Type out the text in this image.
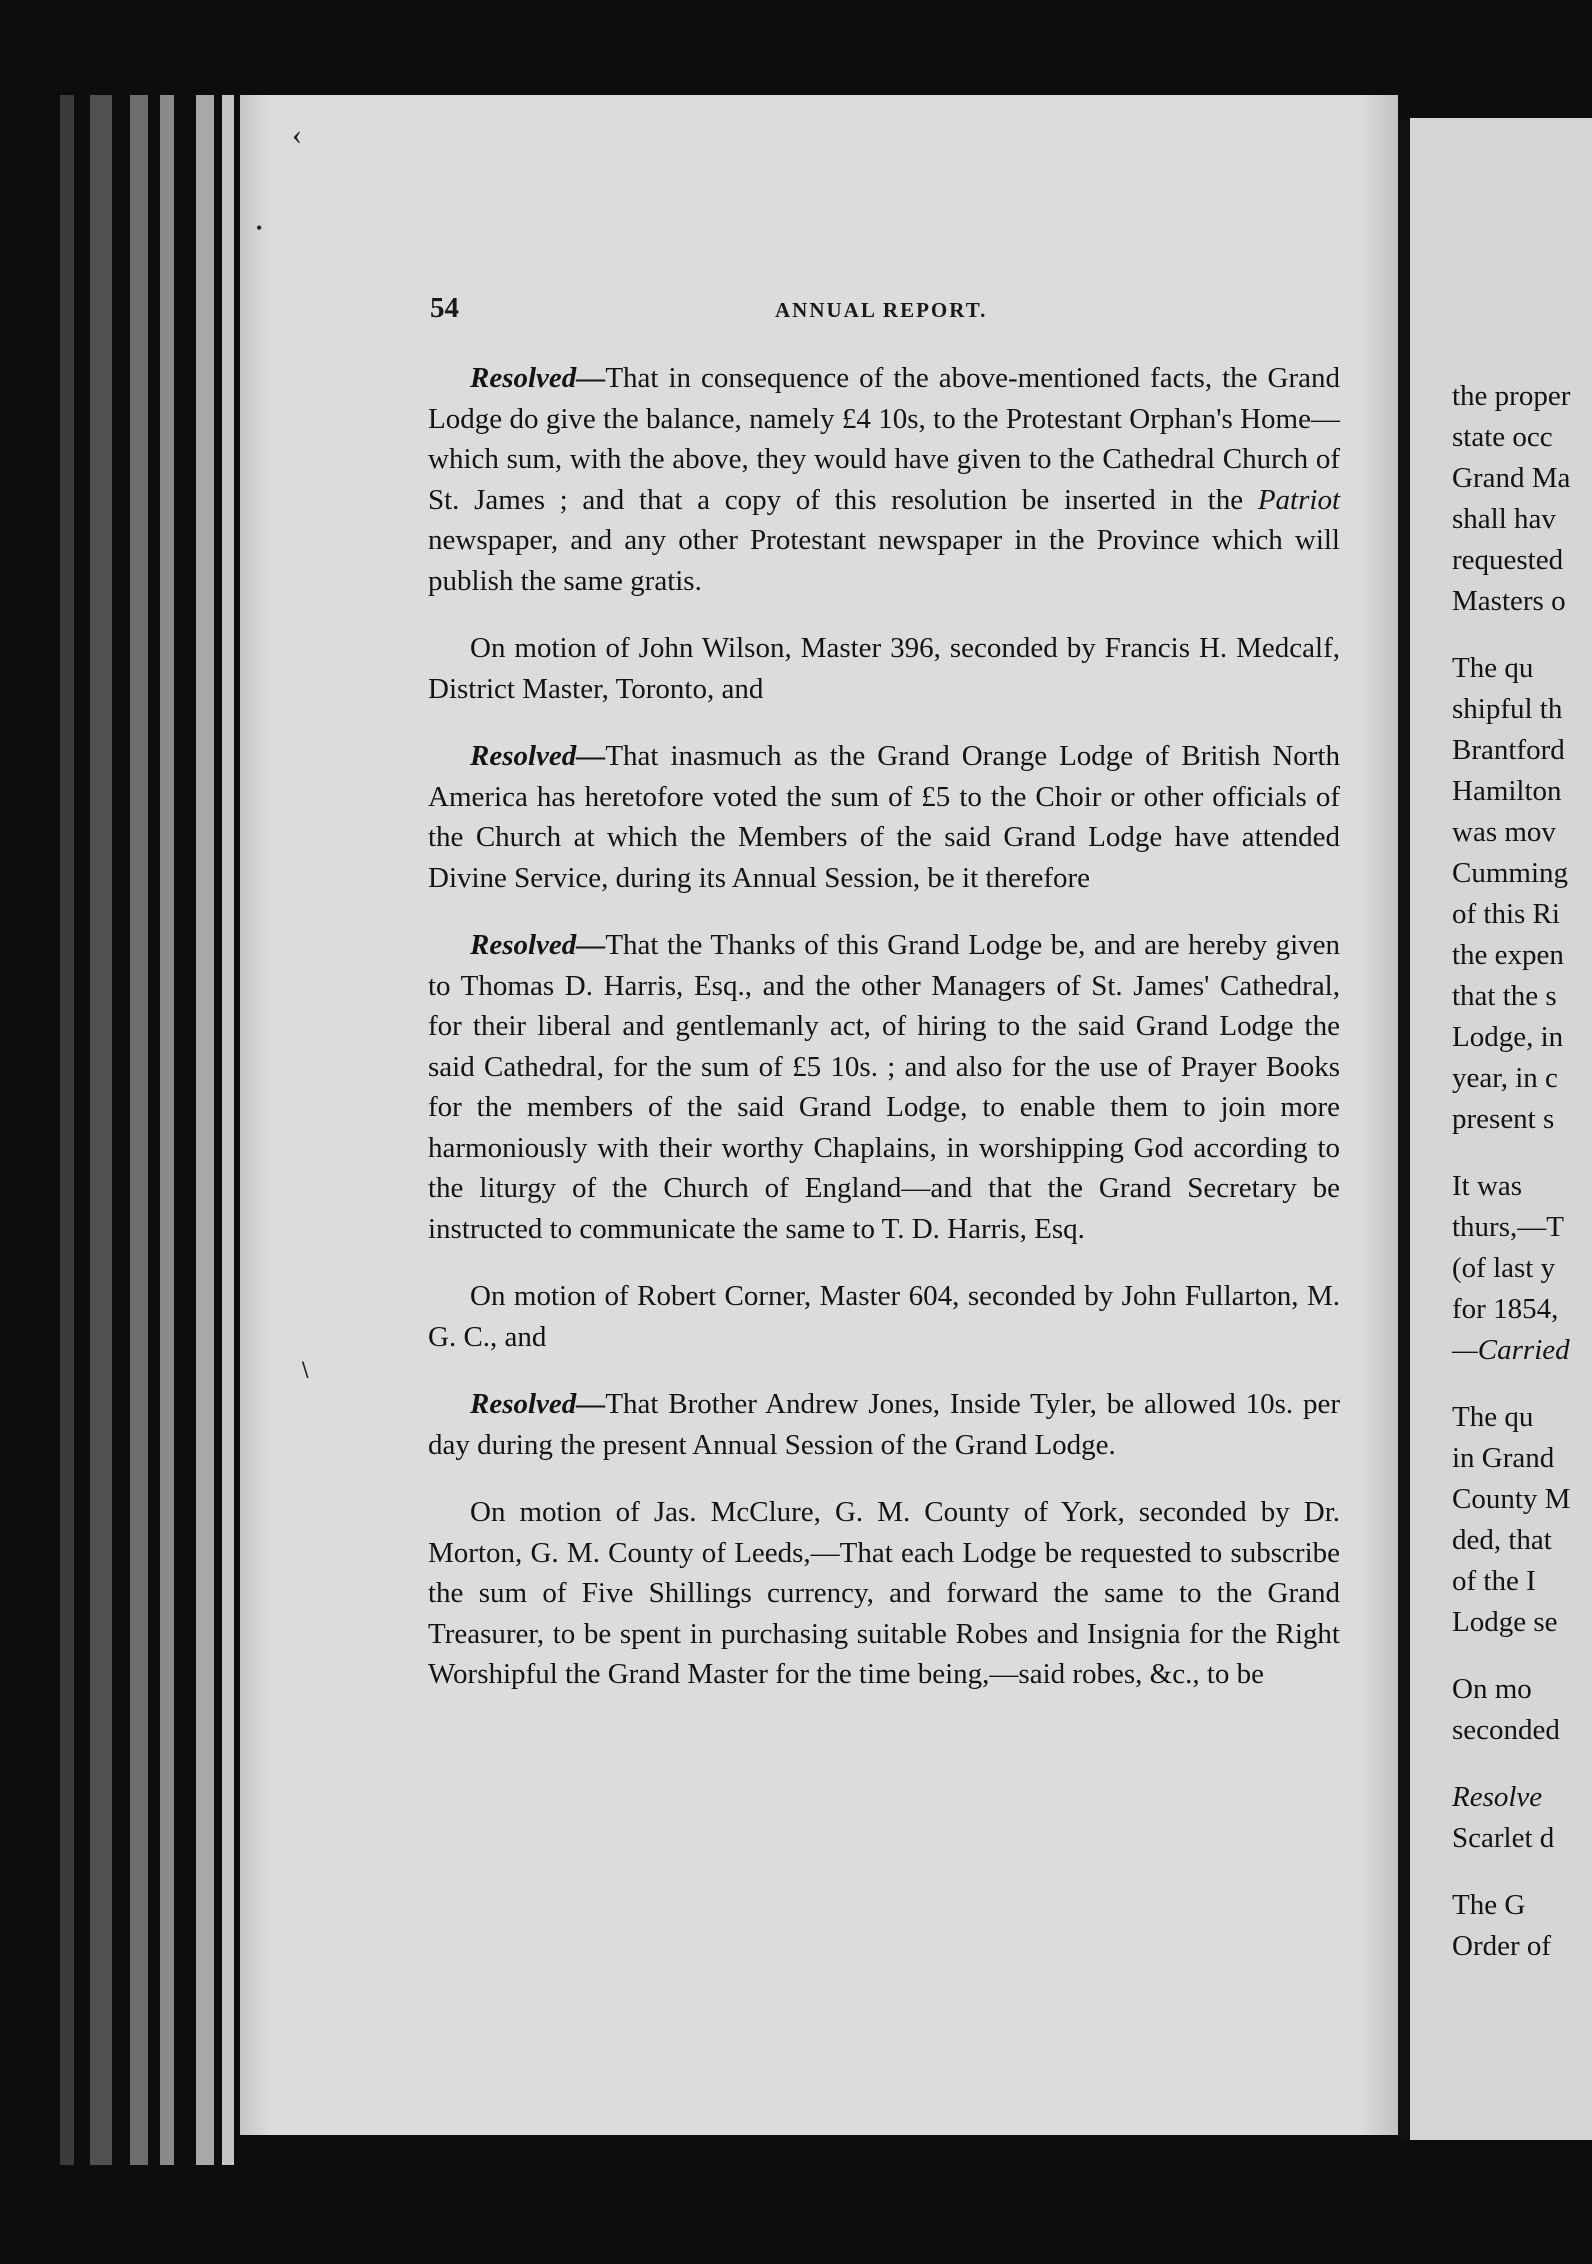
‹
•
∖
54	ANNUAL REPORT.

Resolved—That in consequence of the above-mentioned facts, the Grand Lodge do give the balance, namely £4 10s, to the Protestant Orphan's Home—which sum, with the above, they would have given to the Cathedral Church of St. James ; and that a copy of this resolution be inserted in the Patriot newspaper, and any other Protestant newspaper in the Province which will publish the same gratis.

On motion of John Wilson, Master 396, seconded by Francis H. Medcalf, District Master, Toronto, and

Resolved—That inasmuch as the Grand Orange Lodge of British North America has heretofore voted the sum of £5 to the Choir or other officials of the Church at which the Members of the said Grand Lodge have attended Divine Service, during its Annual Session, be it therefore

Resolved—That the Thanks of this Grand Lodge be, and are hereby given to Thomas D. Harris, Esq., and the other Managers of St. James' Cathedral, for their liberal and gentlemanly act, of hiring to the said Grand Lodge the said Cathedral, for the sum of £5 10s. ; and also for the use of Prayer Books for the members of the said Grand Lodge, to enable them to join more harmoniously with their worthy Chaplains, in worshipping God according to the liturgy of the Church of England—and that the Grand Secretary be instructed to communicate the same to T. D. Harris, Esq.

On motion of Robert Corner, Master 604, seconded by John Fullarton, M. G. C., and

Resolved—That Brother Andrew Jones, Inside Tyler, be allowed 10s. per day during the present Annual Session of the Grand Lodge.

On motion of Jas. McClure, G. M. County of York, seconded by Dr. Morton, G. M. County of Leeds,—That each Lodge be requested to subscribe the sum of Five Shillings currency, and forward the same to the Grand Treasurer, to be spent in purchasing suitable Robes and Insignia for the Right Worshipful the Grand Master for the time being,—said robes, &c., to be

the proper
state occ
Grand Ma
shall hav
requested
Masters o
The qu
shipful th
Brantford
Hamilton
was mov
Cumming
of this Ri
the expen
that the s
Lodge, in
year, in c
present s
It was
thurs,—T
(of last y
for 1854,
—Carried
The qu
in Grand
County M
ded, that
of the I
Lodge se
On mo
seconded
Resolve
Scarlet d
The G
Order of
